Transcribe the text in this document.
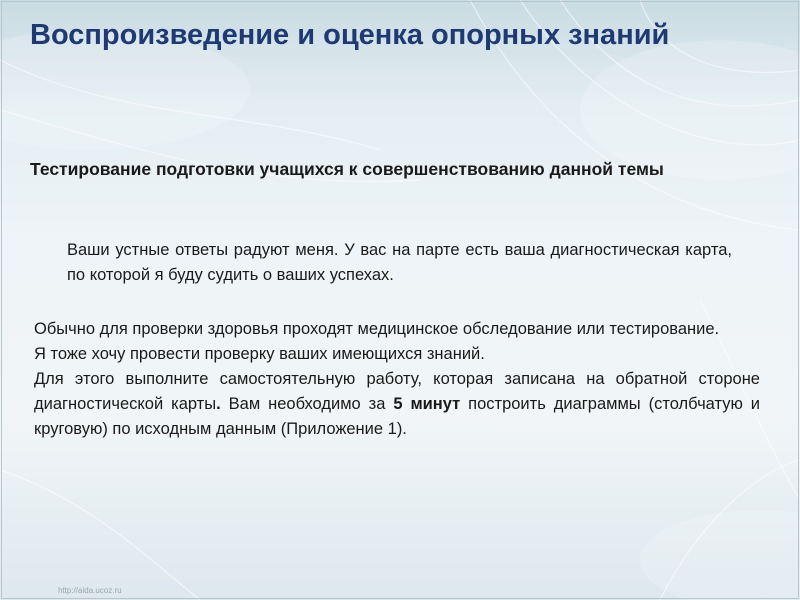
Воспроизведение и оценка опорных знаний
Тестирование подготовки учащихся к совершенствованию данной темы
Ваши устные ответы радуют меня. У вас на парте есть ваша диагностическая карта, по которой я буду судить о ваших успехах.

Обычно для проверки здоровья проходят медицинское обследование или тестирование.

Я тоже хочу провести проверку ваших имеющихся знаний.

Для этого выполните самостоятельную работу, которая записана на обратной стороне диагностической карты. Вам необходимо за 5 минут построить диаграммы (столбчатую и круговую) по исходным данным (Приложение 1).

http://aida.ucoz.ru
